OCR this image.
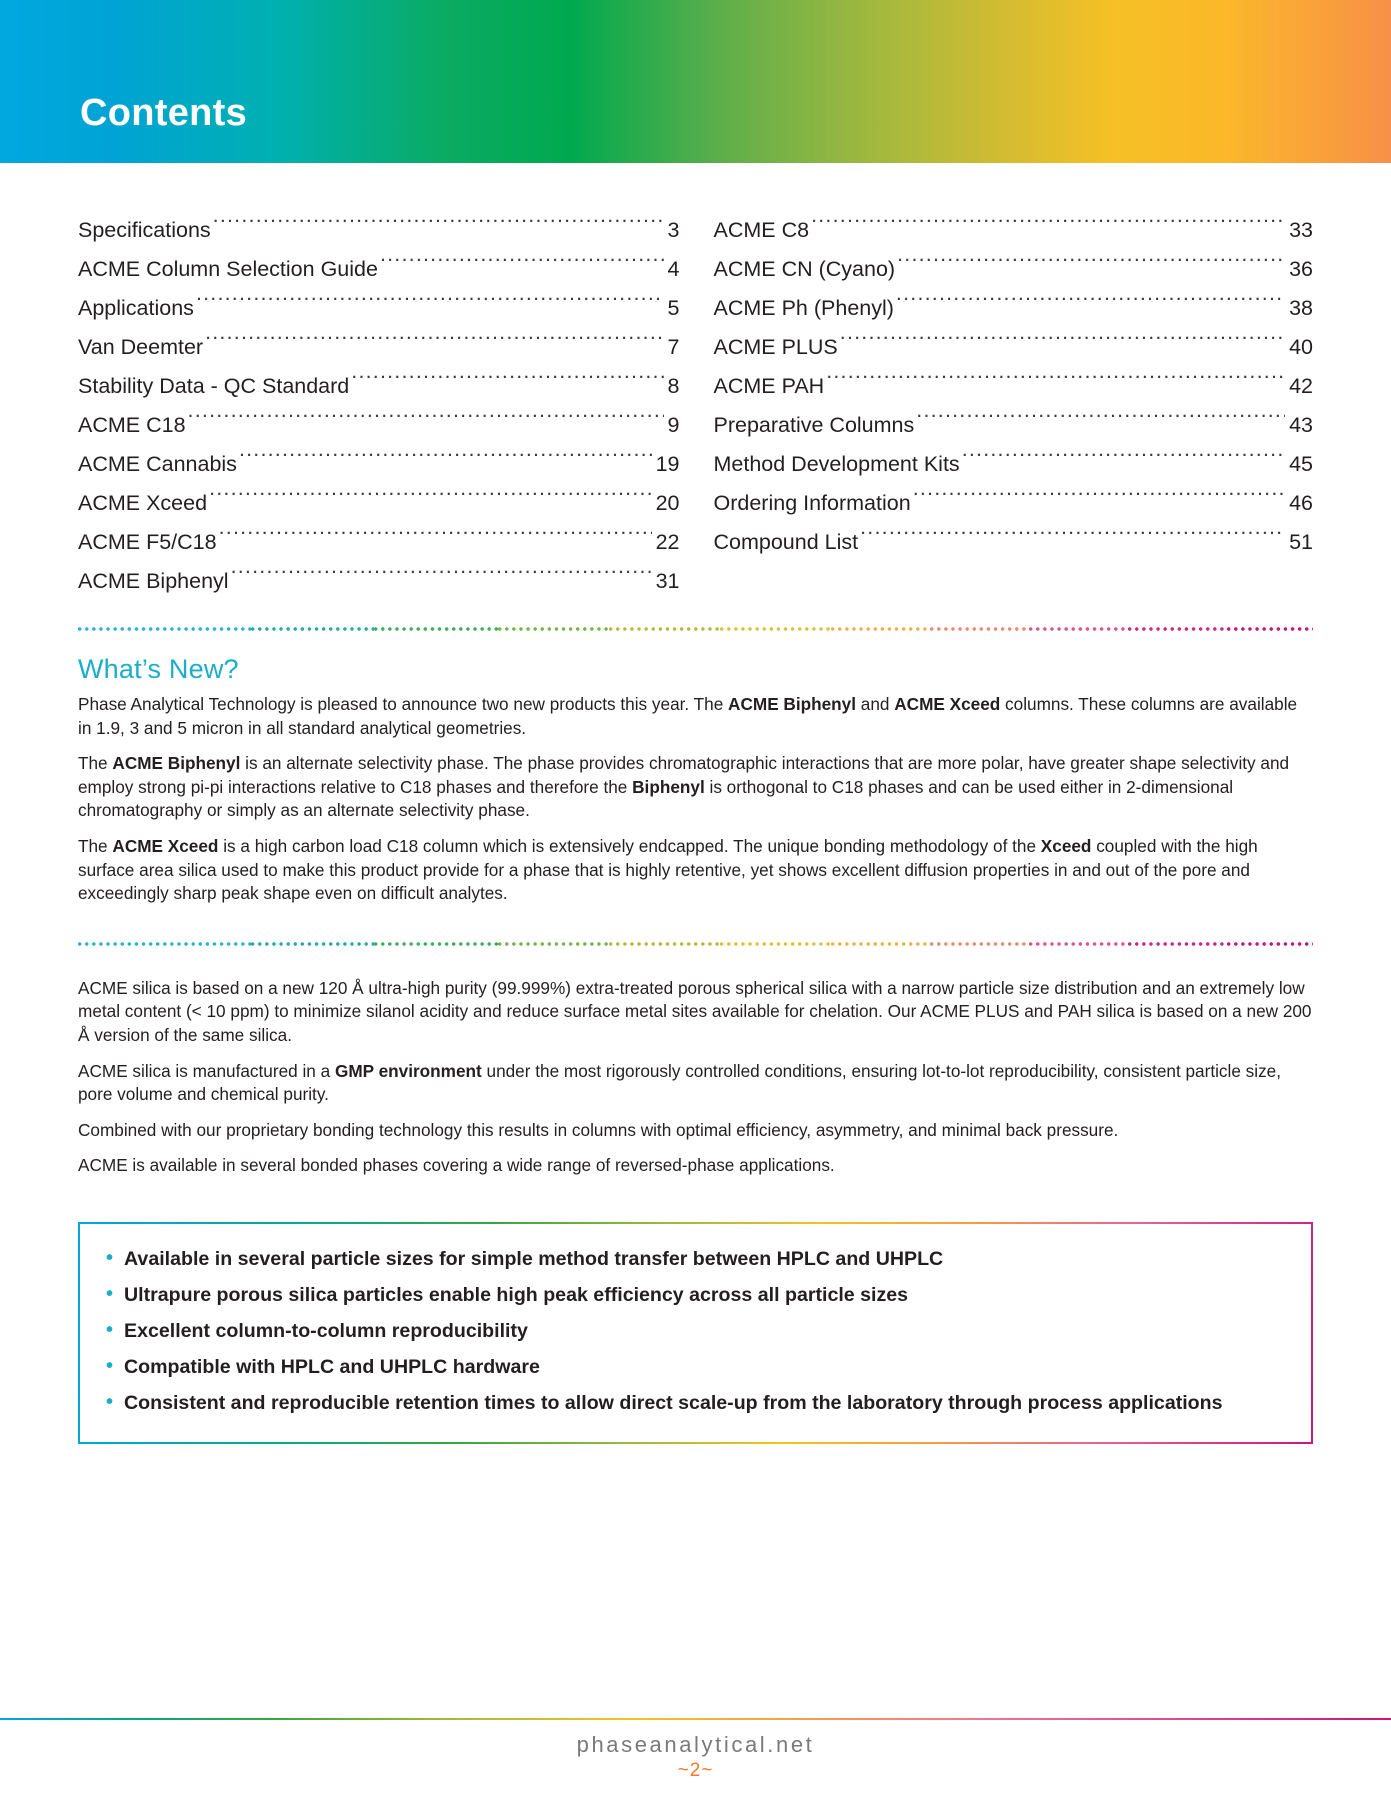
Contents
Specifications .....	3
ACME Column Selection Guide .....	4
Applications .....	5
Van Deemter .....	7
Stability Data - QC Standard .....	8
ACME C18 .....	9
ACME Cannabis .....	19
ACME Xceed .....	20
ACME F5/C18 .....	22
ACME Biphenyl .....	31
ACME C8 .....	33
ACME CN (Cyano) .....	36
ACME Ph (Phenyl) .....	38
ACME PLUS .....	40
ACME PAH .....	42
Preparative Columns .....	43
Method Development Kits .....	45
Ordering Information .....	46
Compound List .....	51
What’s New?

Phase Analytical Technology is pleased to announce two new products this year. The ACME Biphenyl and ACME Xceed columns. These columns are available in 1.9, 3 and 5 micron in all standard analytical geometries.

The ACME Biphenyl is an alternate selectivity phase. The phase provides chromatographic interactions that are more polar, have greater shape selectivity and employ strong pi-pi interactions relative to C18 phases and therefore the Biphenyl is orthogonal to C18 phases and can be used either in 2-dimensional chromatography or simply as an alternate selectivity phase.

The ACME Xceed is a high carbon load C18 column which is extensively endcapped. The unique bonding methodology of the Xceed coupled with the high surface area silica used to make this product provide for a phase that is highly retentive, yet shows excellent diffusion properties in and out of the pore and exceedingly sharp peak shape even on difficult analytes.

ACME silica is based on a new 120 Å ultra-high purity (99.999%) extra-treated porous spherical silica with a narrow particle size distribution and an extremely low metal content (< 10 ppm) to minimize silanol acidity and reduce surface metal sites available for chelation. Our ACME PLUS and PAH silica is based on a new 200 Å version of the same silica.

ACME silica is manufactured in a GMP environment under the most rigorously controlled conditions, ensuring lot-to-lot reproducibility, consistent particle size, pore volume and chemical purity.

Combined with our proprietary bonding technology this results in columns with optimal efficiency, asymmetry, and minimal back pressure.

ACME is available in several bonded phases covering a wide range of reversed-phase applications.

• Available in several particle sizes for simple method transfer between HPLC and UHPLC
• Ultrapure porous silica particles enable high peak efficiency across all particle sizes
• Excellent column-to-column reproducibility
• Compatible with HPLC and UHPLC hardware
• Consistent and reproducible retention times to allow direct scale-up from the laboratory through process applications
phaseanalytical.net
~2~
